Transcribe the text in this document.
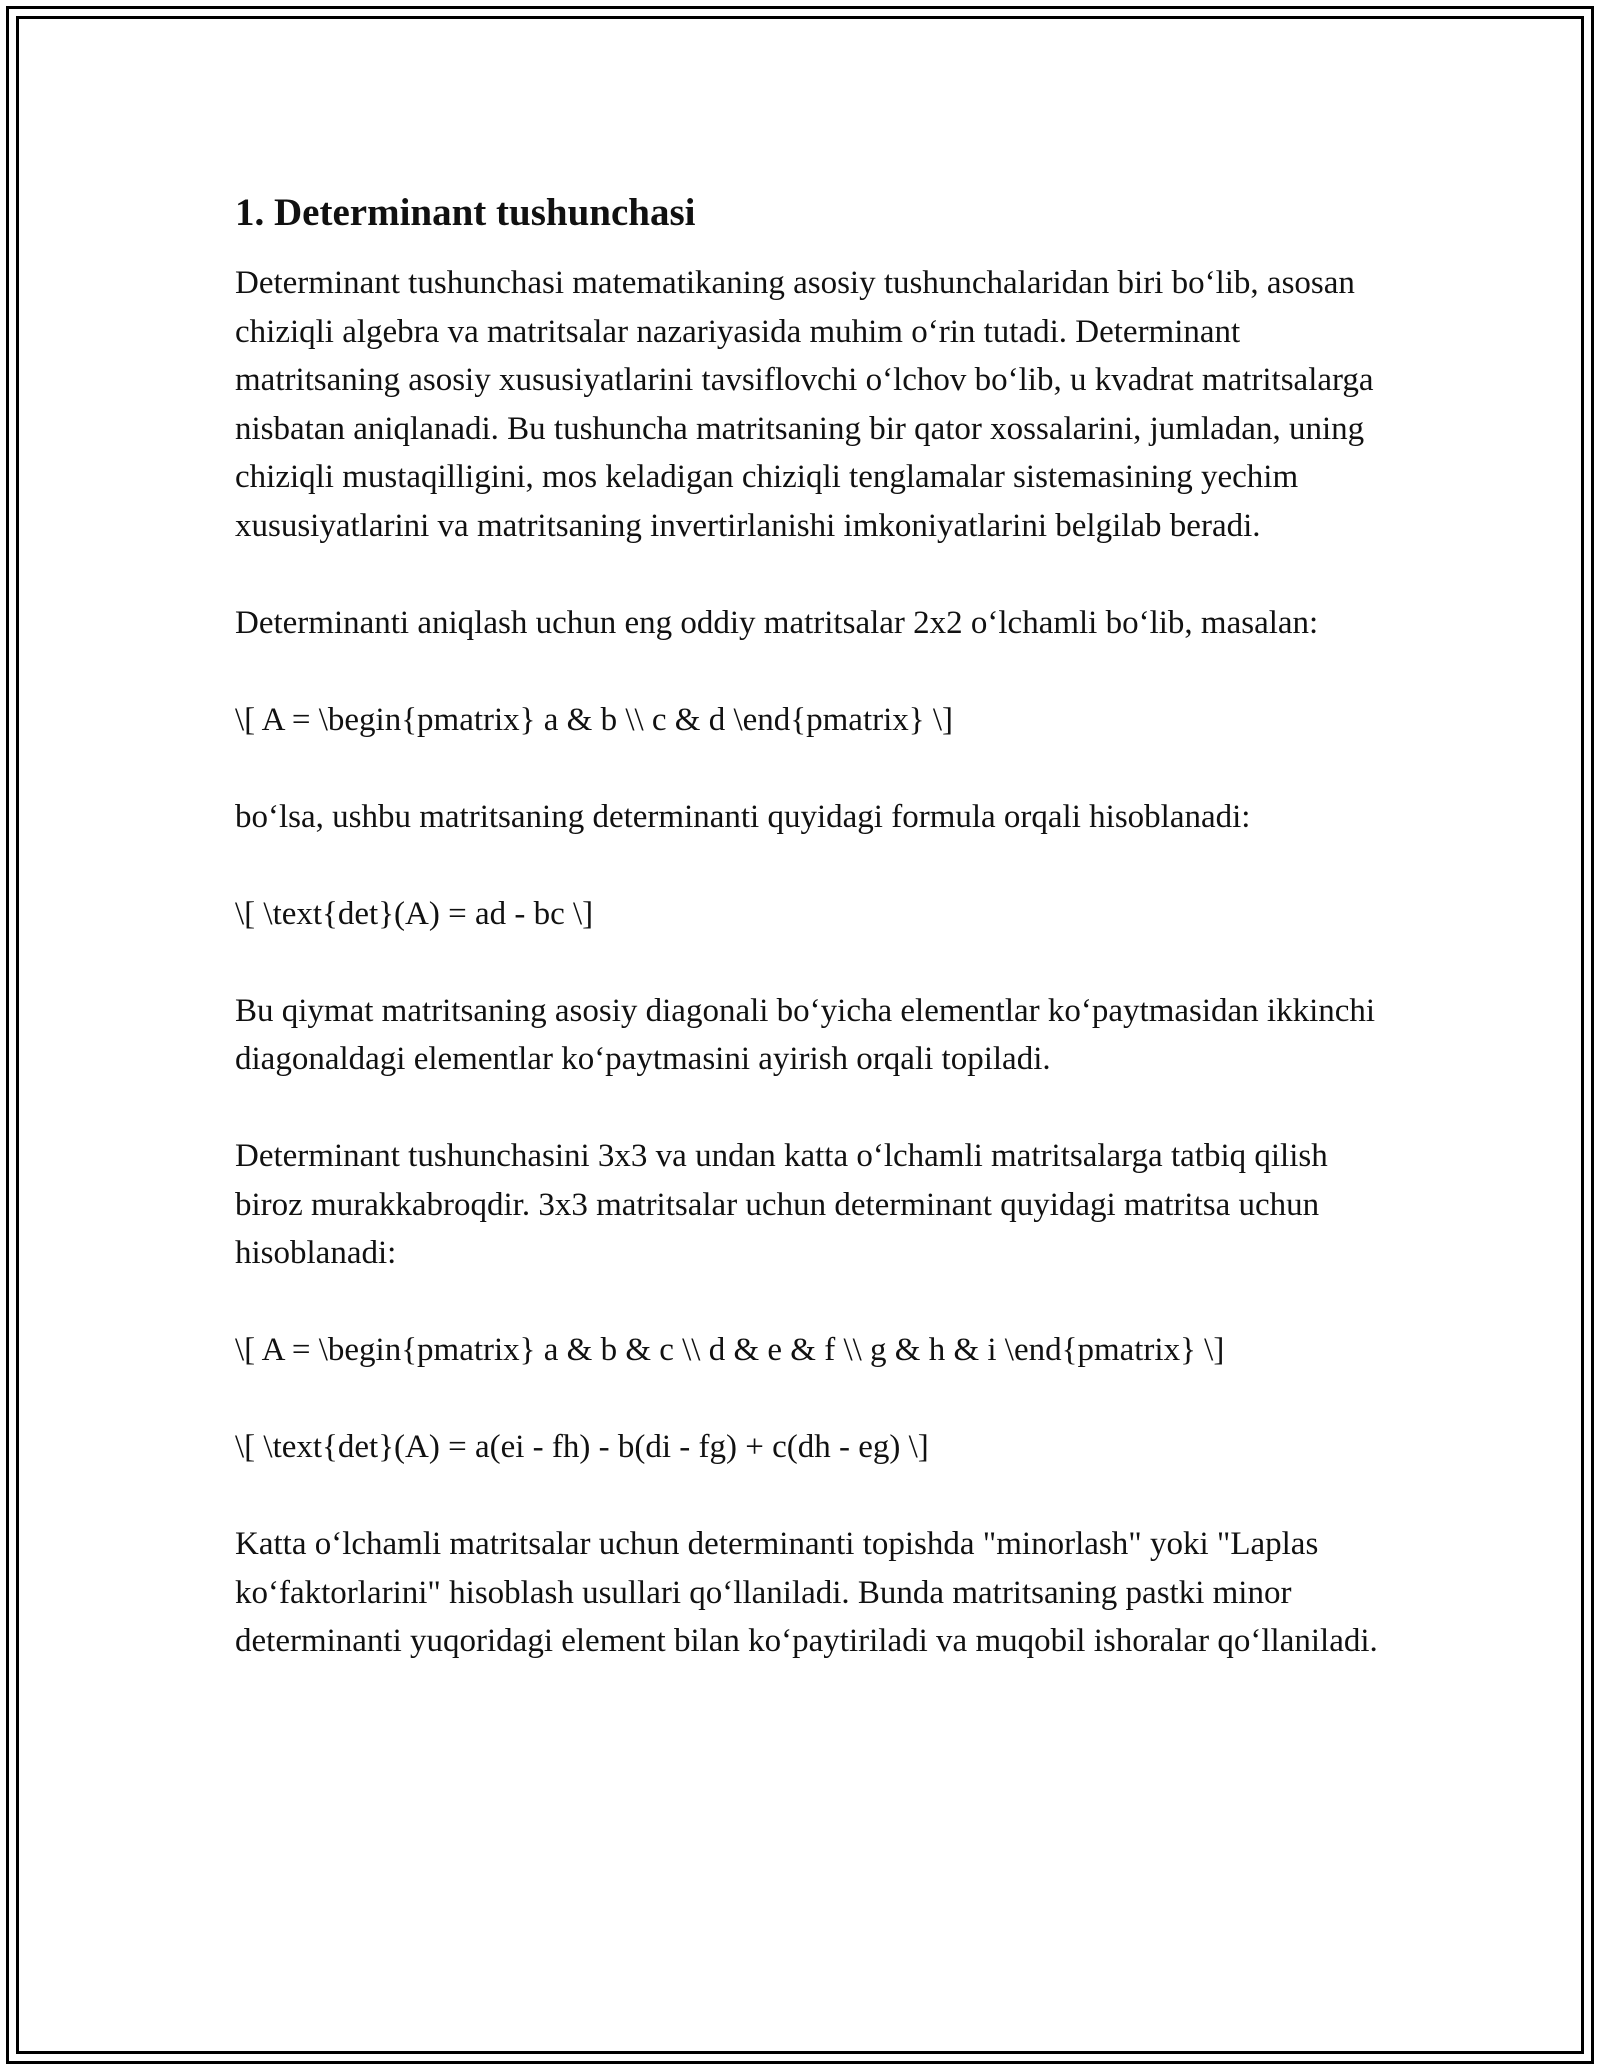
1. Determinant tushunchasi

Determinant tushunchasi matematikaning asosiy tushunchalaridan biri bo‘lib, asosan chiziqli algebra va matritsalar nazariyasida muhim o‘rin tutadi. Determinant matritsaning asosiy xususiyatlarini tavsiflovchi o‘lchov bo‘lib, u kvadrat matritsalarga nisbatan aniqlanadi. Bu tushuncha matritsaning bir qator xossalarini, jumladan, uning chiziqli mustaqilligini, mos keladigan chiziqli tenglamalar sistemasining yechim xususiyatlarini va matritsaning invertirlanishi imkoniyatlarini belgilab beradi.

Determinanti aniqlash uchun eng oddiy matritsalar 2x2 o‘lchamli bo‘lib, masalan:

\[ A = \begin{pmatrix} a & b \\ c & d \end{pmatrix} \]

bo‘lsa, ushbu matritsaning determinanti quyidagi formula orqali hisoblanadi:

\[ \text{det}(A) = ad - bc \]

Bu qiymat matritsaning asosiy diagonali bo‘yicha elementlar ko‘paytmasidan ikkinchi diagonaldagi elementlar ko‘paytmasini ayirish orqali topiladi.

Determinant tushunchasini 3x3 va undan katta o‘lchamli matritsalarga tatbiq qilish biroz murakkabroqdir. 3x3 matritsalar uchun determinant quyidagi matritsa uchun hisoblanadi:

\[ A = \begin{pmatrix} a & b & c \\ d & e & f \\ g & h & i \end{pmatrix} \]

\[ \text{det}(A) = a(ei - fh) - b(di - fg) + c(dh - eg) \]

Katta o‘lchamli matritsalar uchun determinanti topishda "minorlash" yoki "Laplas ko‘faktorlarini" hisoblash usullari qo‘llaniladi. Bunda matritsaning pastki minor determinanti yuqoridagi element bilan ko‘paytiriladi va muqobil ishoralar qo‘llaniladi.
